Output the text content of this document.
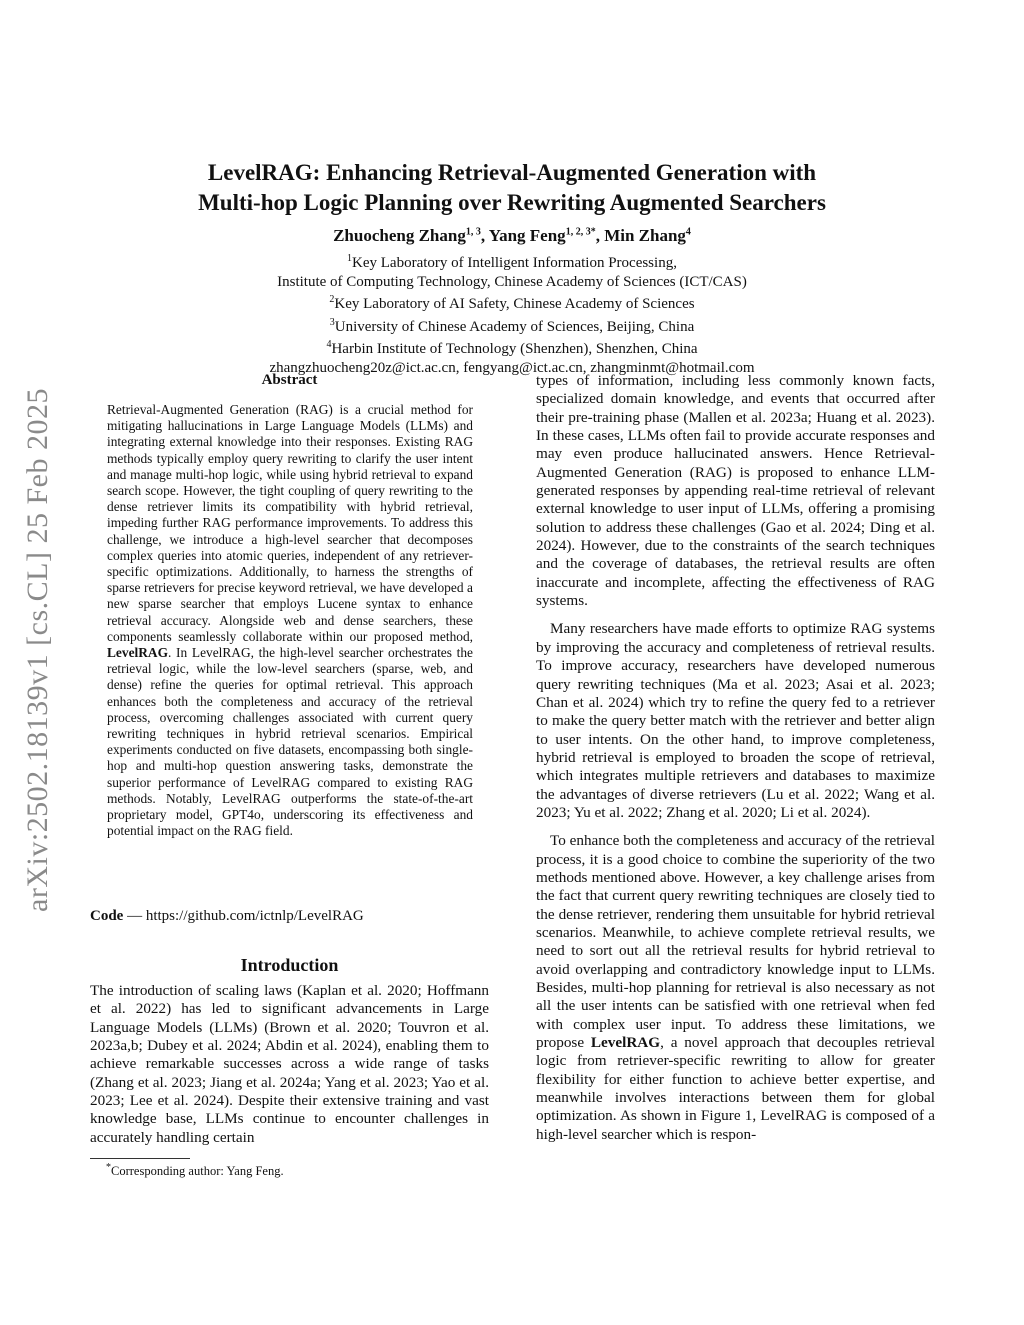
arXiv:2502.18139v1 [cs.CL] 25 Feb 2025
LevelRAG: Enhancing Retrieval-Augmented Generation with
Multi-hop Logic Planning over Rewriting Augmented Searchers
Zhuocheng Zhang$^{1, 3}$, Yang Feng$^{1, 2, 3*}$, Min Zhang$^4$
$^1$Key Laboratory of Intelligent Information Processing,
Institute of Computing Technology, Chinese Academy of Sciences (ICT/CAS)
$^2$Key Laboratory of AI Safety, Chinese Academy of Sciences
$^3$University of Chinese Academy of Sciences, Beijing, China
$^4$Harbin Institute of Technology (Shenzhen), Shenzhen, China
zhangzhuocheng20z@ict.ac.cn, fengyang@ict.ac.cn, zhangminmt@hotmail.com
Abstract
Retrieval-Augmented Generation (RAG) is a crucial method for mitigating hallucinations in Large Language Models (LLMs) and integrating external knowledge into their responses. Existing RAG methods typically employ query rewriting to clarify the user intent and manage multi-hop logic, while using hybrid retrieval to expand search scope. However, the tight coupling of query rewriting to the dense retriever limits its compatibility with hybrid retrieval, impeding further RAG performance improvements. To address this challenge, we introduce a high-level searcher that decomposes complex queries into atomic queries, independent of any retriever-specific optimizations. Additionally, to harness the strengths of sparse retrievers for precise keyword retrieval, we have developed a new sparse searcher that employs Lucene syntax to enhance retrieval accuracy. Alongside web and dense searchers, these components seamlessly collaborate within our proposed method, LevelRAG. In LevelRAG, the high-level searcher orchestrates the retrieval logic, while the low-level searchers (sparse, web, and dense) refine the queries for optimal retrieval. This approach enhances both the completeness and accuracy of the retrieval process, overcoming challenges associated with current query rewriting techniques in hybrid retrieval scenarios. Empirical experiments conducted on five datasets, encompassing both single-hop and multi-hop question answering tasks, demonstrate the superior performance of LevelRAG compared to existing RAG methods. Notably, LevelRAG outperforms the state-of-the-art proprietary model, GPT4o, underscoring its effectiveness and potential impact on the RAG field.
Code — https://github.com/ictnlp/LevelRAG
Introduction

The introduction of scaling laws (Kaplan et al. 2020; Hoffmann et al. 2022) has led to significant advancements in Large Language Models (LLMs) (Brown et al. 2020; Touvron et al. 2023a,b; Dubey et al. 2024; Abdin et al. 2024), enabling them to achieve remarkable successes across a wide range of tasks (Zhang et al. 2023; Jiang et al. 2024a; Yang et al. 2023; Yao et al. 2023; Lee et al. 2024). Despite their extensive training and vast knowledge base, LLMs continue to encounter challenges in accurately handling certain

*Corresponding author: Yang Feng.

types of information, including less commonly known facts, specialized domain knowledge, and events that occurred after their pre-training phase (Mallen et al. 2023a; Huang et al. 2023). In these cases, LLMs often fail to provide accurate responses and may even produce hallucinated answers. Hence Retrieval-Augmented Generation (RAG) is proposed to enhance LLM-generated responses by appending real-time retrieval of relevant external knowledge to user input of LLMs, offering a promising solution to address these challenges (Gao et al. 2024; Ding et al. 2024). However, due to the constraints of the search techniques and the coverage of databases, the retrieval results are often inaccurate and incomplete, affecting the effectiveness of RAG systems.

Many researchers have made efforts to optimize RAG systems by improving the accuracy and completeness of retrieval results. To improve accuracy, researchers have developed numerous query rewriting techniques (Ma et al. 2023; Asai et al. 2023; Chan et al. 2024) which try to refine the query fed to a retriever to make the query better match with the retriever and better align to user intents. On the other hand, to improve completeness, hybrid retrieval is employed to broaden the scope of retrieval, which integrates multiple retrievers and databases to maximize the advantages of diverse retrievers (Lu et al. 2022; Wang et al. 2023; Yu et al. 2022; Zhang et al. 2020; Li et al. 2024).

To enhance both the completeness and accuracy of the retrieval process, it is a good choice to combine the superiority of the two methods mentioned above. However, a key challenge arises from the fact that current query rewriting techniques are closely tied to the dense retriever, rendering them unsuitable for hybrid retrieval scenarios. Meanwhile, to achieve complete retrieval results, we need to sort out all the retrieval results for hybrid retrieval to avoid overlapping and contradictory knowledge input to LLMs. Besides, multi-hop planning for retrieval is also necessary as not all the user intents can be satisfied with one retrieval when fed with complex user input. To address these limitations, we propose LevelRAG, a novel approach that decouples retrieval logic from retriever-specific rewriting to allow for greater flexibility for either function to achieve better expertise, and meanwhile involves interactions between them for global optimization. As shown in Figure 1, LevelRAG is composed of a high-level searcher which is respon-
